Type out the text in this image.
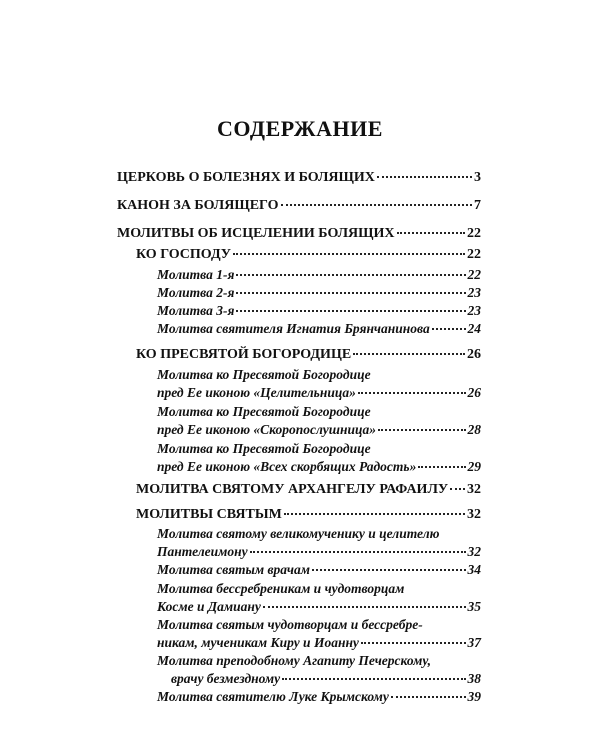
СОДЕРЖАНИЕ
ЦЕРКОВЬ О БОЛЕЗНЯХ И БОЛЯЩИХ	3
КАНОН ЗА БОЛЯЩЕГО	7
МОЛИТВЫ ОБ ИСЦЕЛЕНИИ БОЛЯЩИХ	22
КО ГОСПОДУ	22
Молитва 1-я	22
Молитва 2-я	23
Молитва 3-я	23
Молитва святителя Игнатия Брянчанинова	24
КО ПРЕСВЯТОЙ БОГОРОДИЦЕ	26
Молитва ко Пресвятой Богородице
пред Ее иконою «Целительница»	26
Молитва ко Пресвятой Богородице
пред Ее иконою «Скоропослушница»	28
Молитва ко Пресвятой Богородице
пред Ее иконою «Всех скорбящих Радость»	29
МОЛИТВА СВЯТОМУ АРХАНГЕЛУ РАФАИЛУ 32
МОЛИТВЫ СВЯТЫМ	32
Молитва святому великомученику и целителю
Пантелеимону	32
Молитва святым врачам	34
Молитва бессребреникам и чудотворцам
Косме и Дамиану	35
Молитва святым чудотворцам и бессребре-
никам, мученикам Киру и Иоанну	37
Молитва преподобному Агапиту Печерскому,
врачу безмездному	38
Молитва святителю Луке Крымскому	39
